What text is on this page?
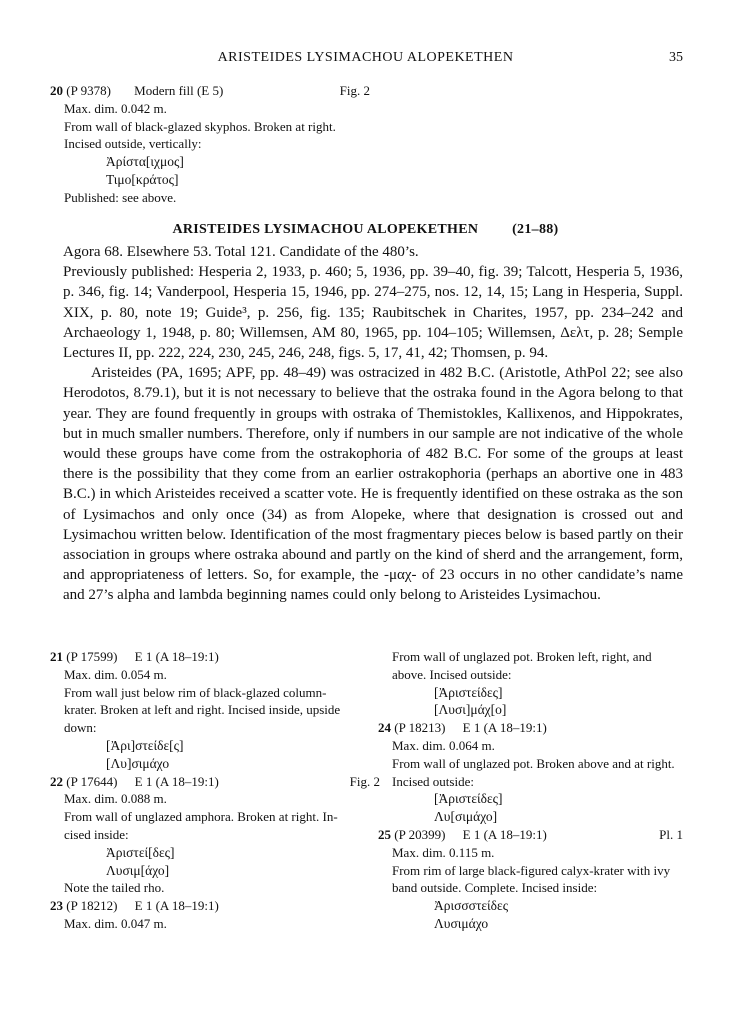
ARISTEIDES LYSIMACHOU ALOPEKETHEN	35
20 (P 9378) Modern fill (E 5)	Fig. 2
Max. dim. 0.042 m.
From wall of black-glazed skyphos. Broken at right.
Incised outside, vertically:
Ἀρίστα[ιχμος]
Τιμο[κράτος]
Published: see above.
ARISTEIDES LYSIMACHOU ALOPEKETHEN (21–88)

Agora 68. Elsewhere 53. Total 121. Candidate of the 480’s.

Previously published: Hesperia 2, 1933, p. 460; 5, 1936, pp. 39–40, fig. 39; Talcott, Hesperia 5, 1936, p. 346, fig. 14; Vanderpool, Hesperia 15, 1946, pp. 274–275, nos. 12, 14, 15; Lang in Hesperia, Suppl. XIX, p. 80, note 19; Guide³, p. 256, fig. 135; Raubitschek in Charites, 1957, pp. 234–242 and Archaeology 1, 1948, p. 80; Willemsen, AM 80, 1965, pp. 104–105; Willemsen, Δελτ, p. 28; Semple Lectures II, pp. 222, 224, 230, 245, 246, 248, figs. 5, 17, 41, 42; Thomsen, p. 94.

Aristeides (PA, 1695; APF, pp. 48–49) was ostracized in 482 B.C. (Aristotle, AthPol 22; see also Herodotos, 8.79.1), but it is not necessary to believe that the ostraka found in the Agora belong to that year. They are found frequently in groups with ostraka of Themistokles, Kallixenos, and Hippokrates, but in much smaller numbers. Therefore, only if numbers in our sample are not indicative of the whole would these groups have come from the ostrakophoria of 482 B.C. For some of the groups at least there is the possibility that they come from an earlier ostrakophoria (perhaps an abortive one in 483 B.C.) in which Aristeides received a scatter vote. He is frequently identified on these ostraka as the son of Lysimachos and only once (34) as from Alopeke, where that designation is crossed out and Lysimachou written below. Identification of the most fragmentary pieces below is based partly on their association in groups where ostraka abound and partly on the kind of sherd and the arrangement, form, and appropriateness of letters. So, for example, the -μαχ- of 23 occurs in no other candidate’s name and 27’s alpha and lambda beginning names could only belong to Aristeides Lysimachou.

21 (P 17599) E 1 (A 18–19:1)
Max. dim. 0.054 m.
From wall just below rim of black-glazed column-
krater. Broken at left and right. Incised inside, upside
down:
[Ἀρι]στείδε[ς]
[Λυ]σιμάχο
22 (P 17644) E 1 (A 18–19:1)	Fig. 2
Max. dim. 0.088 m.
From wall of unglazed amphora. Broken at right. In-
cised inside:
Ἀριστεί[δες]
Λυσιμ[άχο]
Note the tailed rho.
23 (P 18212) E 1 (A 18–19:1)
Max. dim. 0.047 m.
From wall of unglazed pot. Broken left, right, and
above. Incised outside:
[Ἀριστείδες]
[Λυσι]μάχ[ο]
24 (P 18213) E 1 (A 18–19:1)
Max. dim. 0.064 m.
From wall of unglazed pot. Broken above and at right.
Incised outside:
[Ἀριστείδες]
Λυ[σιμάχο]
25 (P 20399) E 1 (A 18–19:1)	Pl. 1
Max. dim. 0.115 m.
From rim of large black-figured calyx-krater with ivy
band outside. Complete. Incised inside:
Ἀρισσστείδες
Λυσιμάχο
